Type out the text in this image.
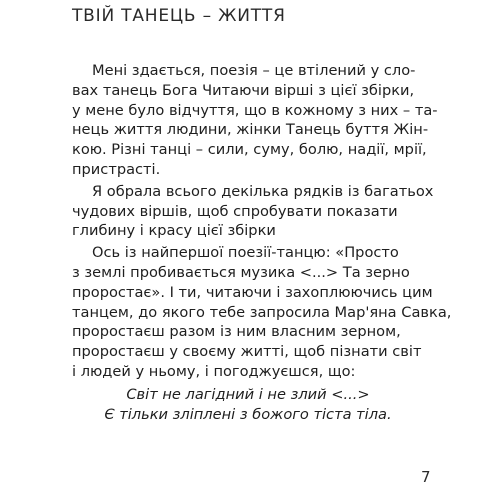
ТВІЙ ТАНЕЦЬ – ЖИТТЯ
Мені здається, поезія – це втілений у сло-
вах танець Бога Читаючи вірші з цієї збірки,
у мене було відчуття, що в кожному з них – та-
нець життя людини, жінки Танець буття Жін-
кою. Різні танці – сили, суму, болю, надії, мрії,
пристрасті.
Я обрала всього декілька рядків із багатьох
чудових віршів, щоб спробувати показати
глибину і красу цієї збірки
Ось із найпершої поезії-танцю: «Просто
з землі пробивається музика <...> Та зерно
проростає». І ти, читаючи і захоплюючись цим
танцем, до якого тебе запросила Мар'яна Савка,
проростаєш разом із ним власним зерном,
проростаєш у своєму житті, щоб пізнати світ
і людей у ньому, і погоджуєшся, що:
Світ не лагідний і не злий <...>
Є тільки зліплені з божого тіста тіла.
7
